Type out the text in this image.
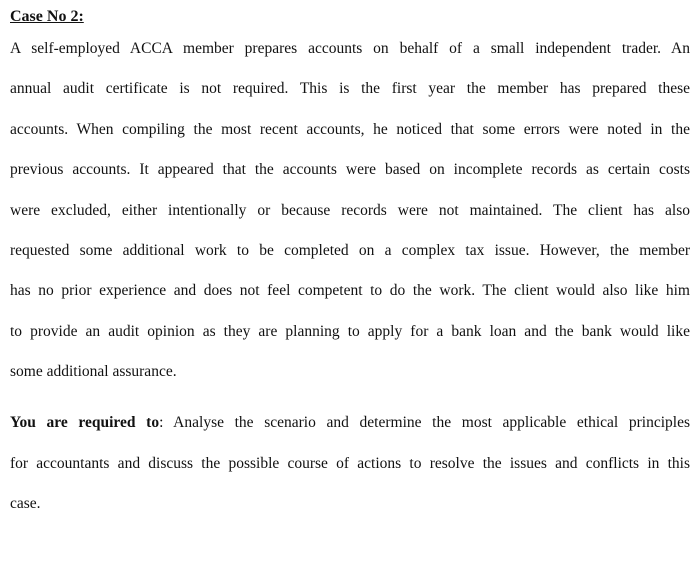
Case No 2:
A self-employed ACCA member prepares accounts on behalf of a small independent trader. An
annual audit certificate is not required. This is the first year the member has prepared these
accounts. When compiling the most recent accounts, he noticed that some errors were noted in the
previous accounts. It appeared that the accounts were based on incomplete records as certain costs
were excluded, either intentionally or because records were not maintained. The client has also
requested some additional work to be completed on a complex tax issue. However, the member
has no prior experience and does not feel competent to do the work. The client would also like him
to provide an audit opinion as they are planning to apply for a bank loan and the bank would like
some additional assurance.
You are required to: Analyse the scenario and determine the most applicable ethical principles
for accountants and discuss the possible course of actions to resolve the issues and conflicts in this
case.
